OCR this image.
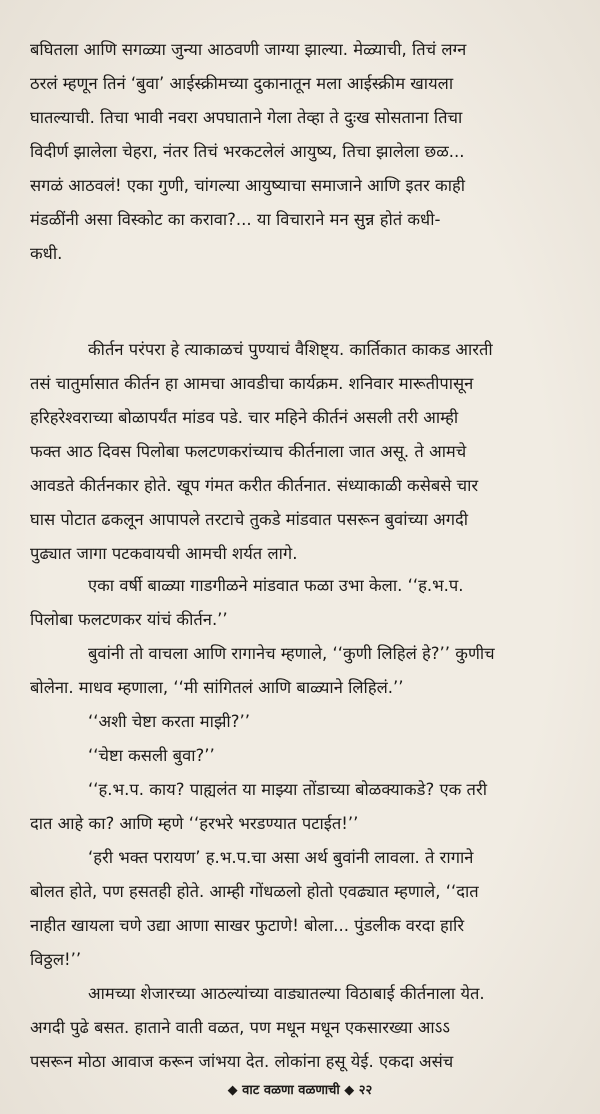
बघितला आणि सगळ्या जुन्या आठवणी जाग्या झाल्या. मेळ्याची, तिचं लग्न
ठरलं म्हणून तिनं ‘बुवा’ आईस्क्रीमच्या दुकानातून मला आईस्क्रीम खायला
घातल्याची. तिचा भावी नवरा अपघाताने गेला तेव्हा ते दुःख सोसताना तिचा
विदीर्ण झालेला चेहरा, नंतर तिचं भरकटलेलं आयुष्य, तिचा झालेला छळ...
सगळं आठवलं! एका गुणी, चांगल्या आयुष्याचा समाजाने आणि इतर काही
मंडळींनी असा विस्कोट का करावा?... या विचाराने मन सुन्न होतं कधी-
कधी.
कीर्तन परंपरा हे त्याकाळचं पुण्याचं वैशिष्ट्य. कार्तिकात काकड आरती
तसं चातुर्मासात कीर्तन हा आमचा आवडीचा कार्यक्रम. शनिवार मारूतीपासून
हरिहरेश्वराच्या बोळापर्यंत मांडव पडे. चार महिने कीर्तनं असली तरी आम्ही
फक्त आठ दिवस पिलोबा फलटणकरांच्याच कीर्तनाला जात असू. ते आमचे
आवडते कीर्तनकार होते. खूप गंमत करीत कीर्तनात. संध्याकाळी कसेबसे चार
घास पोटात ढकलून आपापले तरटाचे तुकडे मांडवात पसरून बुवांच्या अगदी
पुढ्यात जागा पटकवायची आमची शर्यत लागे.
एका वर्षी बाळ्या गाडगीळने मांडवात फळा उभा केला. ‘‘ह.भ.प.
पिलोबा फलटणकर यांचं कीर्तन.’’
बुवांनी तो वाचला आणि रागानेच म्हणाले, ‘‘कुणी लिहिलं हे?’’ कुणीच
बोलेना. माधव म्हणाला, ‘‘मी सांगितलं आणि बाळ्याने लिहिलं.’’
‘‘अशी चेष्टा करता माझी?’’
‘‘चेष्टा कसली बुवा?’’
‘‘ह.भ.प. काय? पाह्यलंत या माझ्या तोंडाच्या बोळक्याकडे? एक तरी
दात आहे का? आणि म्हणे ‘‘हरभरे भरडण्यात पटाईत!’’
‘हरी भक्त परायण’ ह.भ.प.चा असा अर्थ बुवांनी लावला. ते रागाने
बोलत होते, पण हसतही होते. आम्ही गोंधळलो होतो एवढ्यात म्हणाले, ‘‘दात
नाहीत खायला चणे उद्या आणा साखर फुटाणे! बोला... पुंडलीक वरदा हारि
विठ्ठल!’’
आमच्या शेजारच्या आठल्यांच्या वाड्यातल्या विठाबाई कीर्तनाला येत.
अगदी पुढे बसत. हाताने वाती वळत, पण मधून मधून एकसारख्या आऽऽ
पसरून मोठा आवाज करून जांभया देत. लोकांना हसू येई. एकदा असंच
◆ वाट वळणा वळणाची ◆ २२
